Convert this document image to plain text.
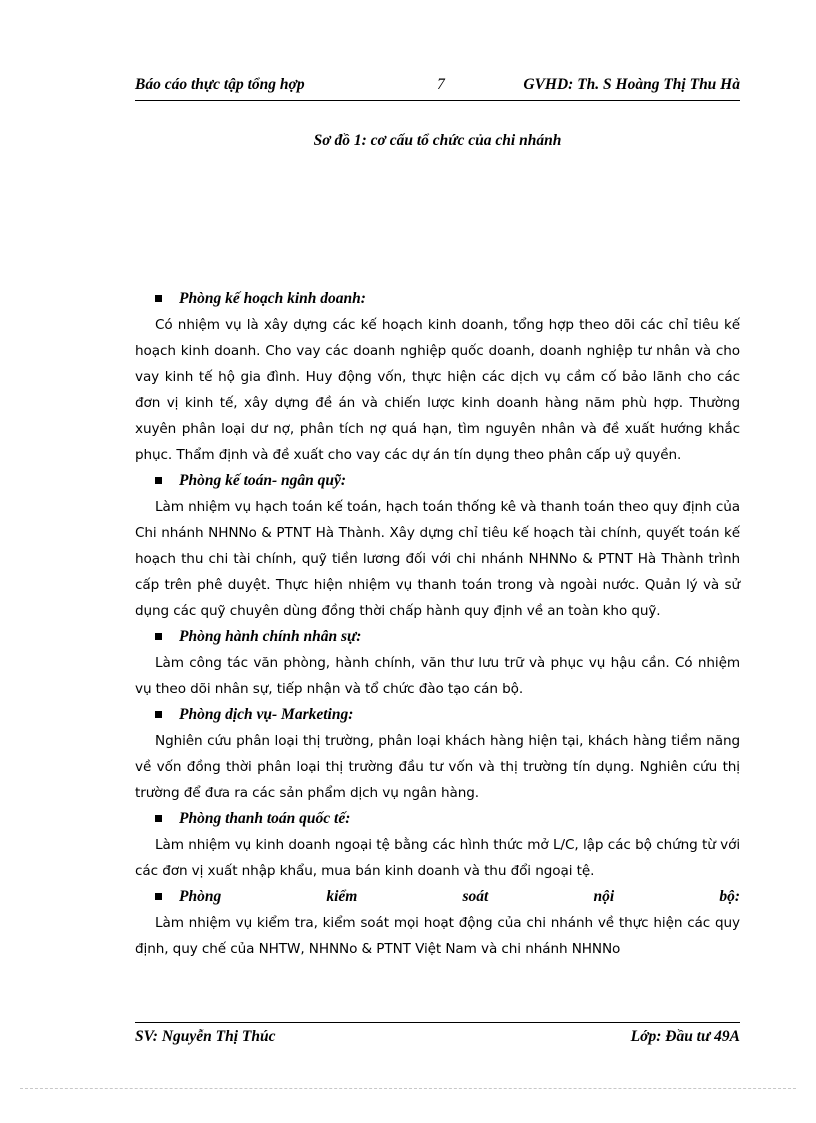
Báo cáo thực tập tổng hợp	7	GVHD: Th. S Hoàng Thị Thu Hà
Sơ đồ 1: cơ cấu tổ chức của chi nhánh

Phòng kế hoạch kinh doanh:

Có nhiệm vụ là xây dựng các kế hoạch kinh doanh, tổng hợp theo dõi các chỉ tiêu kế hoạch kinh doanh. Cho vay các doanh nghiệp quốc doanh, doanh nghiệp tư nhân và cho vay kinh tế hộ gia đình. Huy động vốn, thực hiện các dịch vụ cầm cố bảo lãnh cho các đơn vị kinh tế, xây dựng đề án và chiến lược kinh doanh hàng năm phù hợp. Thường xuyên phân loại dư nợ, phân tích nợ quá hạn, tìm nguyên nhân và đề xuất hướng khắc phục. Thẩm định và đề xuất cho vay các dự án tín dụng theo phân cấp uỷ quyền.

Phòng kế toán- ngân quỹ:

Làm nhiệm vụ hạch toán kế toán, hạch toán thống kê và thanh toán theo quy định của Chi nhánh NHNNo & PTNT Hà Thành. Xây dựng chỉ tiêu kế hoạch tài chính, quyết toán kế hoạch thu chi tài chính, quỹ tiền lương đối với chi nhánh NHNNo & PTNT Hà Thành trình cấp trên phê duyệt. Thực hiện nhiệm vụ thanh toán trong và ngoài nước. Quản lý và sử dụng các quỹ chuyên dùng đồng thời chấp hành quy định về an toàn kho quỹ.

Phòng hành chính nhân sự:

Làm công tác văn phòng, hành chính, văn thư lưu trữ và phục vụ hậu cần. Có nhiệm vụ theo dõi nhân sự, tiếp nhận và tổ chức đào tạo cán bộ.

Phòng dịch vụ- Marketing:

Nghiên cứu phân loại thị trường, phân loại khách hàng hiện tại, khách hàng tiềm năng về vốn đồng thời phân loại thị trường đầu tư vốn và thị trường tín dụng. Nghiên cứu thị trường để đưa ra các sản phẩm dịch vụ ngân hàng.

Phòng thanh toán quốc tế:

Làm nhiệm vụ kinh doanh ngoại tệ bằng các hình thức mở L/C, lập các bộ chứng từ với các đơn vị xuất nhập khẩu, mua bán kinh doanh và thu đổi ngoại tệ.

Phòng	kiểm	soát	nội	bộ:

Làm nhiệm vụ kiểm tra, kiểm soát mọi hoạt động của chi nhánh về thực hiện các quy định, quy chế của NHTW, NHNNo & PTNT Việt Nam và chi nhánh NHNNo

SV: Nguyễn Thị Thúc	Lớp: Đầu tư 49A
